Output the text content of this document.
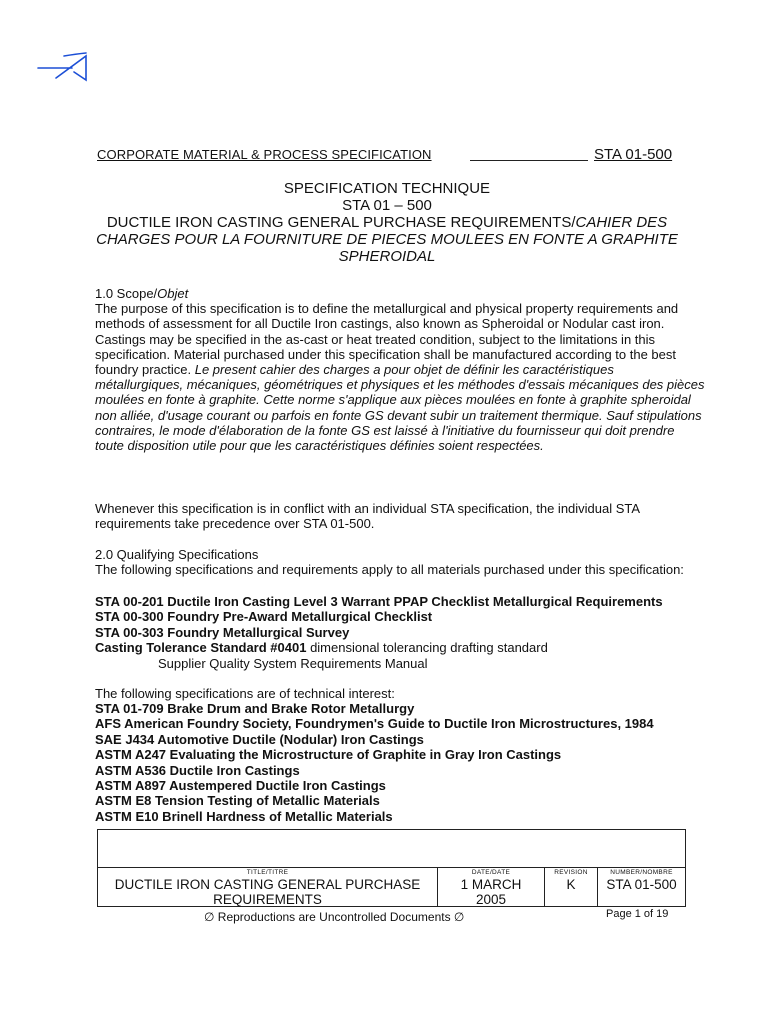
CORPORATE MATERIAL & PROCESS SPECIFICATION	STA 01-500
SPECIFICATION TECHNIQUE
STA 01 – 500
DUCTILE IRON CASTING GENERAL PURCHASE REQUIREMENTS/CAHIER DES CHARGES POUR LA FOURNITURE DE PIECES MOULEES EN FONTE A GRAPHITE SPHEROIDAL

1.0 Scope/Objet

The purpose of this specification is to define the metallurgical and physical property requirements and methods of assessment for all Ductile Iron castings, also known as Spheroidal or Nodular cast iron. Castings may be specified in the as-cast or heat treated condition, subject to the limitations in this specification. Material purchased under this specification shall be manufactured according to the best foundry practice. Le present cahier des charges a pour objet de définir les caractéristiques métallurgiques, mécaniques, géométriques et physiques et les méthodes d'essais mécaniques des pièces moulées en fonte à graphite. Cette norme s'applique aux pièces moulées en fonte à graphite spheroidal non alliée, d'usage courant ou parfois en fonte GS devant subir un traitement thermique. Sauf stipulations contraires, le mode d'élaboration de la fonte GS est laissé à l'initiative du fournisseur qui doit prendre toute disposition utile pour que les caractéristiques définies soient respectées.

Whenever this specification is in conflict with an individual STA specification, the individual STA requirements take precedence over STA 01-500.

2.0 Qualifying Specifications

The following specifications and requirements apply to all materials purchased under this specification:

STA 00-201 Ductile Iron Casting Level 3 Warrant PPAP Checklist Metallurgical Requirements
STA 00-300 Foundry Pre-Award Metallurgical Checklist
STA 00-303 Foundry Metallurgical Survey
Casting Tolerance Standard #0401 dimensional tolerancing drafting standard
Supplier Quality System Requirements Manual
The following specifications are of technical interest:
STA 01-709 Brake Drum and Brake Rotor Metallurgy
AFS American Foundry Society, Foundrymen's Guide to Ductile Iron Microstructures, 1984
SAE J434 Automotive Ductile (Nodular) Iron Castings
ASTM A247 Evaluating the Microstructure of Graphite in Gray Iron Castings
ASTM A536 Ductile Iron Castings
ASTM A897 Austempered Ductile Iron Castings
ASTM E8 Tension Testing of Metallic Materials
ASTM E10 Brinell Hardness of Metallic Materials
TITLE/TITRE
DUCTILE IRON CASTING GENERAL PURCHASE REQUIREMENTS
DATE/DATE
1 MARCH 2005
REVISION
K
NUMBER/NOMBRE
STA 01-500
∅ Reproductions are Uncontrolled Documents ∅	Page 1 of 19
